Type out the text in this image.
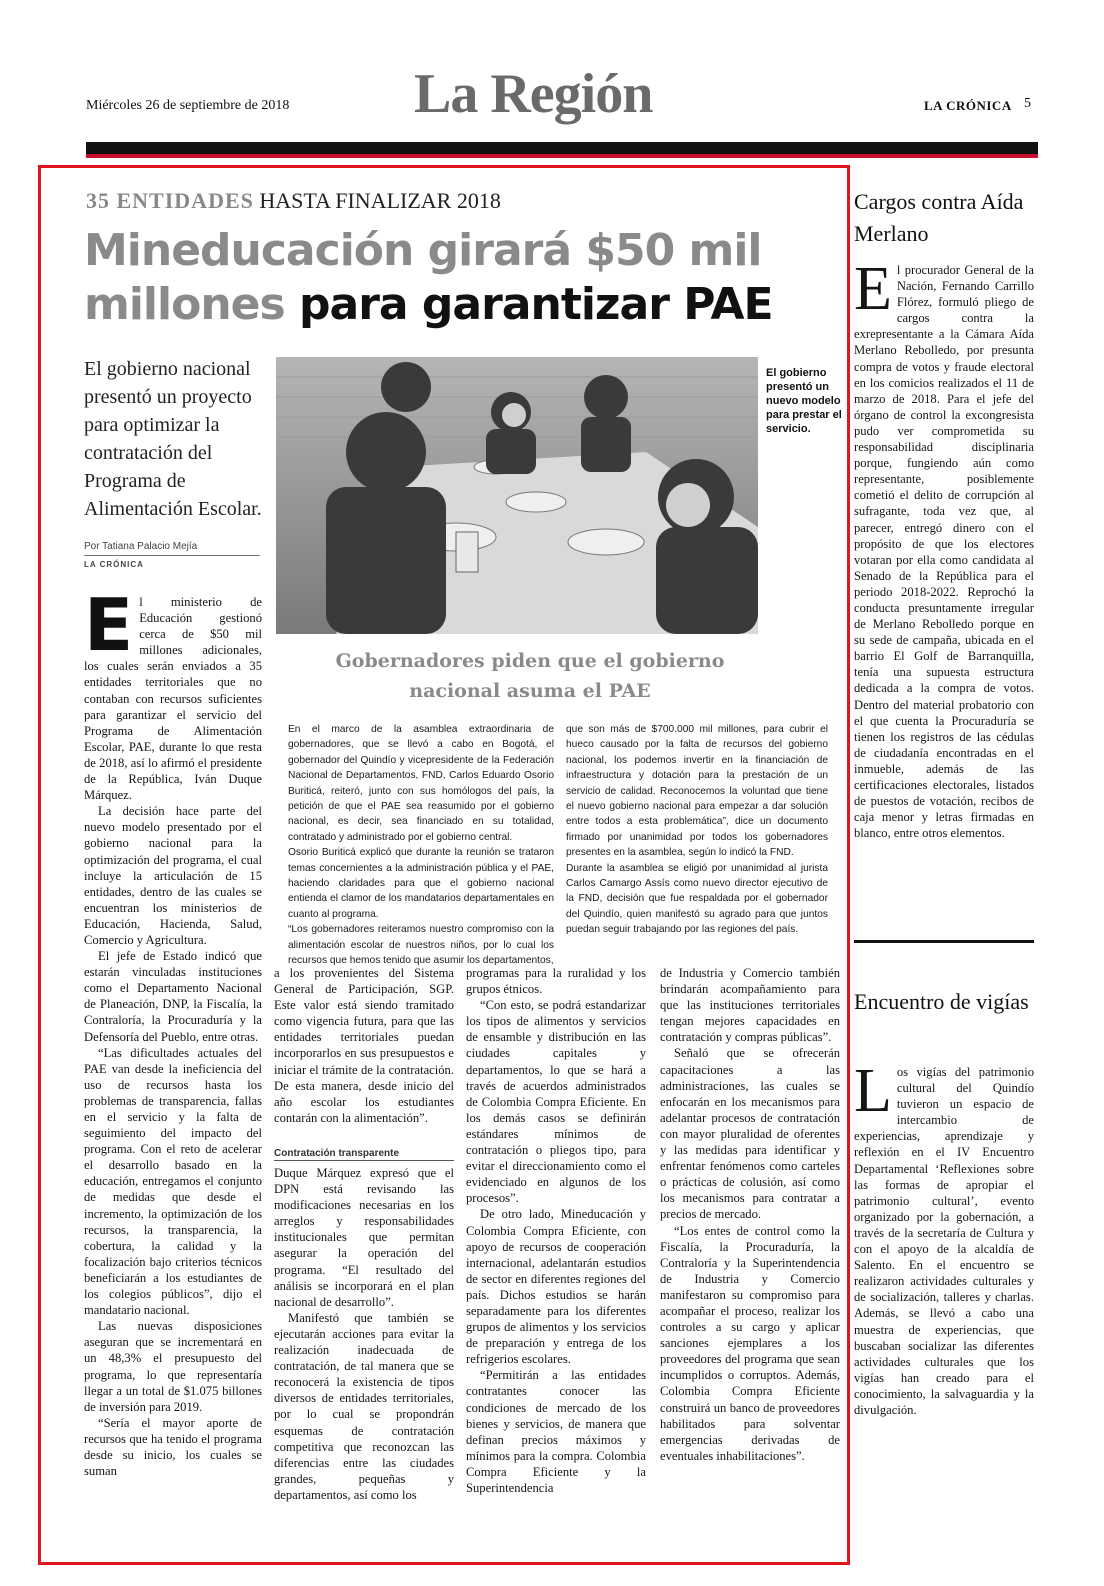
Miércoles 26 de septiembre de 2018 La Región	LA CRÓNICA 5
35 ENTIDADES HASTA FINALIZAR 2018
Mineducación girará $50 mil
millones para garantizar PAE
El gobierno nacional presentó un proyecto para optimizar la contratación del Programa de Alimentación Escolar.
Por Tatiana Palacio Mejía
LA CRÓNICA
El gobierno presentó un nuevo modelo para prestar el servicio.
Gobernadores piden que el gobierno nacional asuma el PAE

En el marco de la asamblea extraordinaria de gobernadores, que se llevó a cabo en Bogotá, el gobernador del Quindío y vicepresidente de la Federación Nacional de Departamentos, FND, Carlos Eduardo Osorio Buriticá, reiteró, junto con sus homólogos del país, la petición de que el PAE sea reasumido por el gobierno nacional, es decir, sea financiado en su totalidad, contratado y administrado por el gobierno central.

Osorio Buriticá explicó que durante la reunión se trataron temas concernientes a la administración pública y el PAE, haciendo claridades para que el gobierno nacional entienda el clamor de los mandatarios departamentales en cuanto al programa.

“Los gobernadores reiteramos nuestro compromiso con la alimentación escolar de nuestros niños, por lo cual los recursos que hemos tenido que asumir los departamentos,

que son más de $700.000 mil millones, para cubrir el hueco causado por la falta de recursos del gobierno nacional, los podemos invertir en la financiación de infraestructura y dotación para la prestación de un servicio de calidad. Reconocemos la voluntad que tiene el nuevo gobierno nacional para empezar a dar solución entre todos a esta problemática”, dice un documento firmado por unanimidad por todos los gobernadores presentes en la asamblea, según lo indicó la FND.

Durante la asamblea se eligió por unanimidad al jurista Carlos Camargo Assís como nuevo director ejecutivo de la FND, decisión que fue respaldada por el gobernador del Quindío, quien manifestó su agrado para que juntos puedan seguir trabajando por las regiones del país.

E l ministerio de Educación gestionó cerca de $50 mil millones adicionales, los cuales serán enviados a 35 entidades territoriales que no contaban con recursos suficientes para garantizar el servicio del Programa de Alimentación Escolar, PAE, durante lo que resta de 2018, así lo afirmó el presidente de la República, Iván Duque Márquez.

La decisión hace parte del nuevo modelo presentado por el gobierno nacional para la optimización del programa, el cual incluye la articulación de 15 entidades, dentro de las cuales se encuentran los ministerios de Educación, Hacienda, Salud, Comercio y Agricultura.

El jefe de Estado indicó que estarán vinculadas instituciones como el Departamento Nacional de Planeación, DNP, la Fiscalía, la Contraloría, la Procuraduría y la Defensoría del Pueblo, entre otras.

“Las dificultades actuales del PAE van desde la ineficiencia del uso de recursos hasta los problemas de transparencia, fallas en el servicio y la falta de seguimiento del impacto del programa. Con el reto de acelerar el desarrollo basado en la educación, entregamos el conjunto de medidas que desde el incremento, la optimización de los recursos, la transparencia, la cobertura, la calidad y la focalización bajo criterios técnicos beneficiarán a los estudiantes de los colegios públicos”, dijo el mandatario nacional.

Las nuevas disposiciones aseguran que se incrementará en un 48,3% el presupuesto del programa, lo que representaría llegar a un total de $1.075 billones de inversión para 2019.

“Sería el mayor aporte de recursos que ha tenido el programa desde su inicio, los cuales se suman

a los provenientes del Sistema General de Participación, SGP. Este valor está siendo tramitado como vigencia futura, para que las entidades territoriales puedan incorporarlos en sus presupuestos e iniciar el trámite de la contratación. De esta manera, desde inicio del año escolar los estudiantes contarán con la alimentación”.

Contratación transparente

Duque Márquez expresó que el DPN está revisando las modificaciones necesarias en los arreglos y responsabilidades institucionales que permitan asegurar la operación del programa. “El resultado del análisis se incorporará en el plan nacional de desarrollo”.

Manifestó que también se ejecutarán acciones para evitar la realización inadecuada de contratación, de tal manera que se reconocerá la existencia de tipos diversos de entidades territoriales, por lo cual se propondrán esquemas de contratación competitiva que reconozcan las diferencias entre las ciudades grandes, pequeñas y departamentos, así como los

programas para la ruralidad y los grupos étnicos.

“Con esto, se podrá estandarizar los tipos de alimentos y servicios de ensamble y distribución en las ciudades capitales y departamentos, lo que se hará a través de acuerdos administrados de Colombia Compra Eficiente. En los demás casos se definirán estándares mínimos de contratación o pliegos tipo, para evitar el direccionamiento como el evidenciado en algunos de los procesos”.

De otro lado, Mineducación y Colombia Compra Eficiente, con apoyo de recursos de cooperación internacional, adelantarán estudios de sector en diferentes regiones del país. Dichos estudios se harán separadamente para los diferentes grupos de alimentos y los servicios de preparación y entrega de los refrigerios escolares.

“Permitirán a las entidades contratantes conocer las condiciones de mercado de los bienes y servicios, de manera que definan precios máximos y mínimos para la compra. Colombia Compra Eficiente y la Superintendencia

de Industria y Comercio también brindarán acompañamiento para que las instituciones territoriales tengan mejores capacidades en contratación y compras públicas”.

Señaló que se ofrecerán capacitaciones a las administraciones, las cuales se enfocarán en los mecanismos para adelantar procesos de contratación con mayor pluralidad de oferentes y las medidas para identificar y enfrentar fenómenos como carteles o prácticas de colusión, así como los mecanismos para contratar a precios de mercado.

“Los entes de control como la Fiscalía, la Procuraduría, la Contraloría y la Superintendencia de Industria y Comercio manifestaron su compromiso para acompañar el proceso, realizar los controles a su cargo y aplicar sanciones ejemplares a los proveedores del programa que sean incumplidos o corruptos. Además, Colombia Compra Eficiente construirá un banco de proveedores habilitados para solventar emergencias derivadas de eventuales inhabilitaciones”.

Cargos contra Aída Merlano
E l procurador General de la Nación, Fernando Carrillo Flórez, formuló pliego de cargos contra la exrepresentante a la Cámara Aída Merlano Rebolledo, por presunta compra de votos y fraude electoral en los comicios realizados el 11 de marzo de 2018. Para el jefe del órgano de control la excongresista pudo ver comprometida su responsabilidad disciplinaria porque, fungiendo aún como representante, posiblemente cometió el delito de corrupción al sufragante, toda vez que, al parecer, entregó dinero con el propósito de que los electores votaran por ella como candidata al Senado de la República para el periodo 2018-2022. Reprochó la conducta presuntamente irregular de Merlano Rebolledo porque en su sede de campaña, ubicada en el barrio El Golf de Barranquilla, tenía una supuesta estructura dedicada a la compra de votos. Dentro del material probatorio con el que cuenta la Procuraduría se tienen los registros de las cédulas de ciudadanía encontradas en el inmueble, además de las certificaciones electorales, listados de puestos de votación, recibos de caja menor y letras firmadas en blanco, entre otros elementos.

Encuentro de vigías
L os vigías del patrimonio cultural del Quindío tuvieron un espacio de intercambio de experiencias, aprendizaje y reflexión en el IV Encuentro Departamental ‘Reflexiones sobre las formas de apropiar el patrimonio cultural’, evento organizado por la gobernación, a través de la secretaría de Cultura y con el apoyo de la alcaldía de Salento. En el encuentro se realizaron actividades culturales y de socialización, talleres y charlas. Además, se llevó a cabo una muestra de experiencias, que buscaban socializar las diferentes actividades culturales que los vigías han creado para el conocimiento, la salvaguardia y la divulgación.
